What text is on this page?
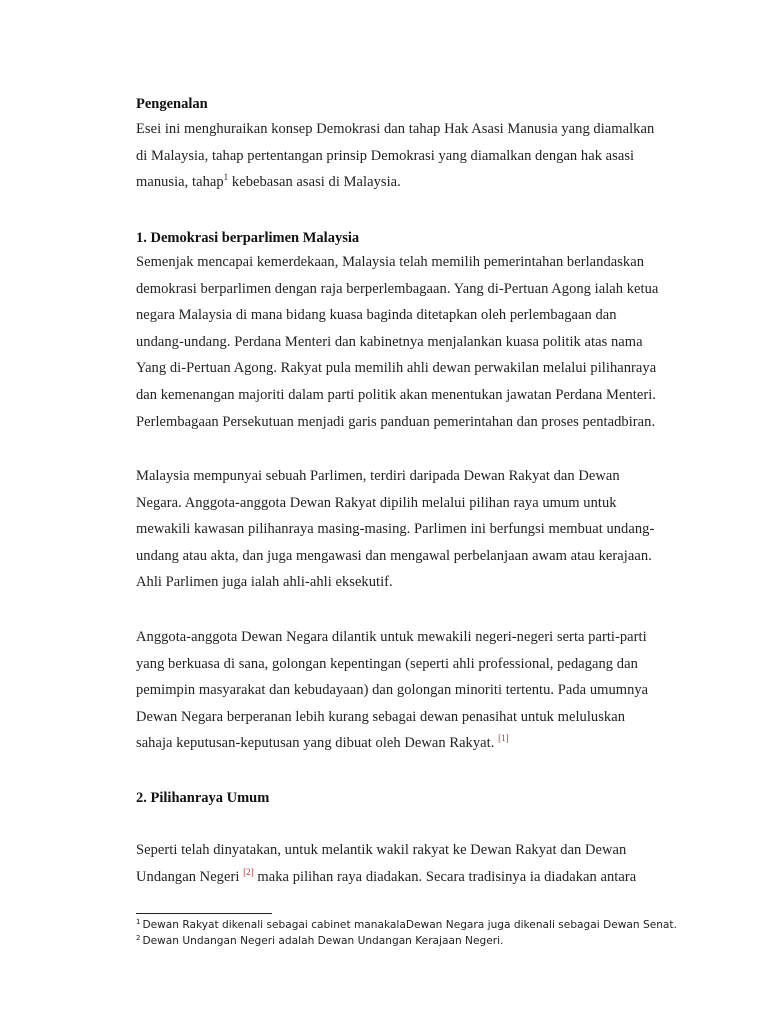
Pengenalan
Esei ini menghuraikan konsep Demokrasi dan tahap Hak Asasi Manusia yang diamalkan
di Malaysia, tahap pertentangan prinsip Demokrasi yang diamalkan dengan hak asasi
manusia, tahap$^1$ kebebasan asasi di Malaysia.
1. Demokrasi berparlimen Malaysia
Semenjak mencapai kemerdekaan, Malaysia telah memilih pemerintahan berlandaskan
demokrasi berparlimen dengan raja berperlembagaan. Yang di-Pertuan Agong ialah ketua
negara Malaysia di mana bidang kuasa baginda ditetapkan oleh perlembagaan dan
undang-undang. Perdana Menteri dan kabinetnya menjalankan kuasa politik atas nama
Yang di-Pertuan Agong. Rakyat pula memilih ahli dewan perwakilan melalui pilihanraya
dan kemenangan majoriti dalam parti politik akan menentukan jawatan Perdana Menteri.
Perlembagaan Persekutuan menjadi garis panduan pemerintahan dan proses pentadbiran.
Malaysia mempunyai sebuah Parlimen, terdiri daripada Dewan Rakyat dan Dewan
Negara. Anggota-anggota Dewan Rakyat dipilih melalui pilihan raya umum untuk
mewakili kawasan pilihanraya masing-masing. Parlimen ini berfungsi membuat undang-
undang atau akta, dan juga mengawasi dan mengawal perbelanjaan awam atau kerajaan.
Ahli Parlimen juga ialah ahli-ahli eksekutif.
Anggota-anggota Dewan Negara dilantik untuk mewakili negeri-negeri serta parti-parti
yang berkuasa di sana, golongan kepentingan (seperti ahli professional, pedagang dan
pemimpin masyarakat dan kebudayaan) dan golongan minoriti tertentu. Pada umumnya
Dewan Negara berperanan lebih kurang sebagai dewan penasihat untuk meluluskan
sahaja keputusan-keputusan yang dibuat oleh Dewan Rakyat. [1]
2. Pilihanraya Umum
Seperti telah dinyatakan, untuk melantik wakil rakyat ke Dewan Rakyat dan Dewan
Undangan Negeri [2] maka pilihan raya diadakan. Secara tradisinya ia diadakan antara
$^1$ Dewan Rakyat dikenali sebagai cabinet manakalaDewan Negara juga dikenali sebagai Dewan Senat.
$^2$ Dewan Undangan Negeri adalah Dewan Undangan Kerajaan Negeri.
